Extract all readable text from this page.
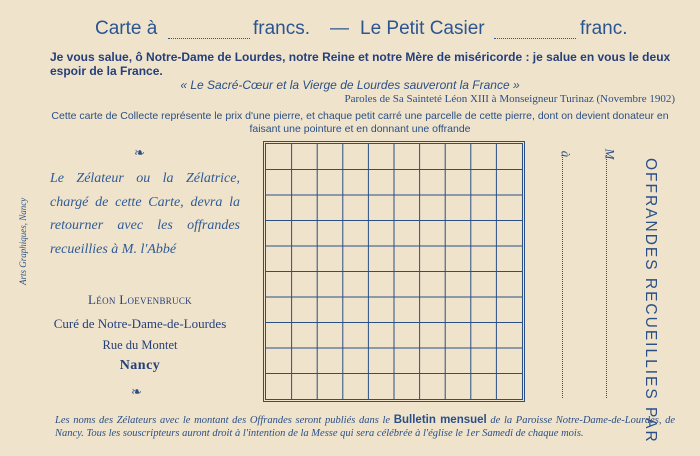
Carte à	francs. — Le Petit Casier	franc.
Je vous salue, ô Notre-Dame de Lourdes, notre Reine et notre Mère de miséricorde : je salue en vous le deux espoir de la France.
« Le Sacré-Cœur et la Vierge de Lourdes sauveront la France »
Paroles de Sa Sainteté Léon XIII à Monseigneur Turinaz (Novembre 1902)
Cette carte de Collecte représente le prix d'une pierre, et chaque petit carré une parcelle de cette pierre, dont on devient donateur en faisant une pointure et en donnant une offrande
❧
Le Zélateur ou la Zélatrice, chargé de cette Carte, devra la retourner avec les offrandes recueillies à M. l'Abbé
Léon Loevenbruck
Curé de Notre-Dame-de-Lourdes
Rue du Montet
Nancy
❧
Arts Graphiques, Nancy
à M
OFFRANDES RECUEILLIES PAR
Les noms des Zélateurs avec le montant des Offrandes seront publiés dans le Bulletin mensuel de la Paroisse Notre-Dame-de-Lourdes, de Nancy. Tous les souscripteurs auront droit à l'intention de la Messe qui sera célébrée à l'église le 1er Samedi de chaque mois.
